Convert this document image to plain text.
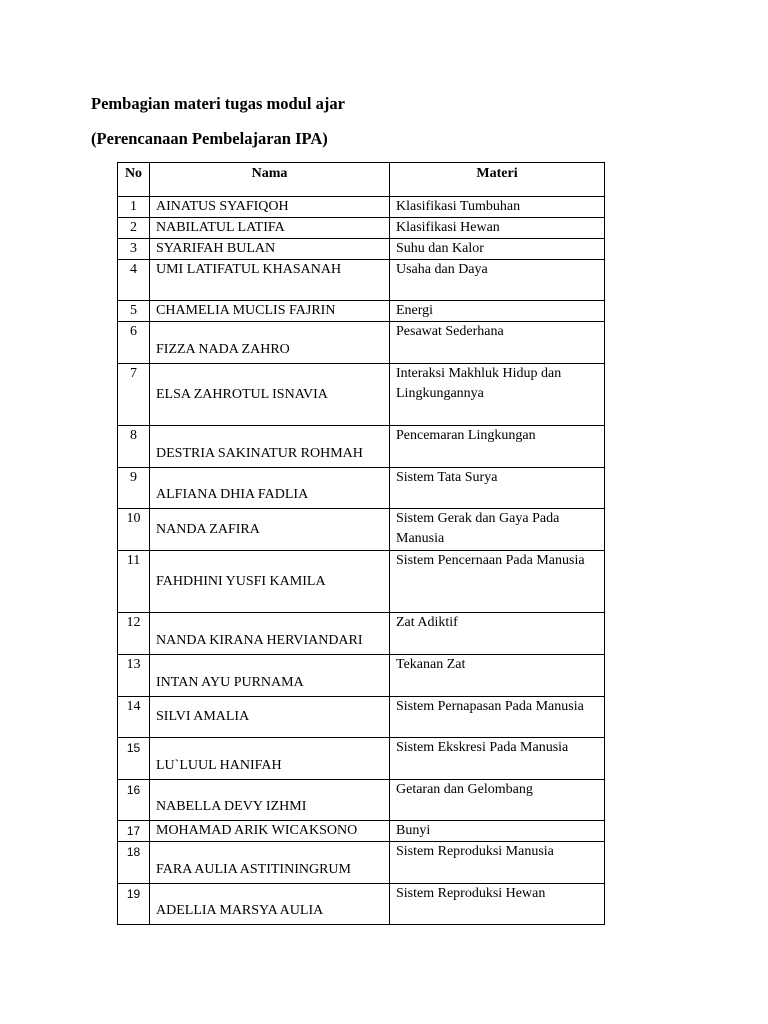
Pembagian materi tugas modul ajar

(Perencanaan Pembelajaran IPA)

No	Nama	Materi
1	AINATUS SYAFIQOH	Klasifikasi Tumbuhan
2	NABILATUL LATIFA	Klasifikasi Hewan
3	SYARIFAH BULAN	Suhu dan Kalor
4	UMI LATIFATUL KHASANAH	Usaha dan Daya
5	CHAMELIA MUCLIS FAJRIN	Energi
6	FIZZA NADA ZAHRO	Pesawat Sederhana
7	ELSA ZAHROTUL ISNAVIA	Interaksi Makhluk Hidup dan Lingkungannya
8	DESTRIA SAKINATUR ROHMAH	Pencemaran Lingkungan
9	ALFIANA DHIA FADLIA	Sistem Tata Surya
10	NANDA ZAFIRA	Sistem Gerak dan Gaya Pada Manusia
11	FAHDHINI YUSFI KAMILA	Sistem Pencernaan Pada Manusia
12	NANDA KIRANA HERVIANDARI	Zat Adiktif
13	INTAN AYU PURNAMA	Tekanan Zat
14	SILVI AMALIA	Sistem Pernapasan Pada Manusia
15	LU`LUUL HANIFAH	Sistem Ekskresi Pada Manusia
16	NABELLA DEVY IZHMI	Getaran dan Gelombang
17	MOHAMAD ARIK WICAKSONO	Bunyi
18	FARA AULIA ASTITININGRUM	Sistem Reproduksi Manusia
19	ADELLIA MARSYA AULIA	Sistem Reproduksi Hewan
